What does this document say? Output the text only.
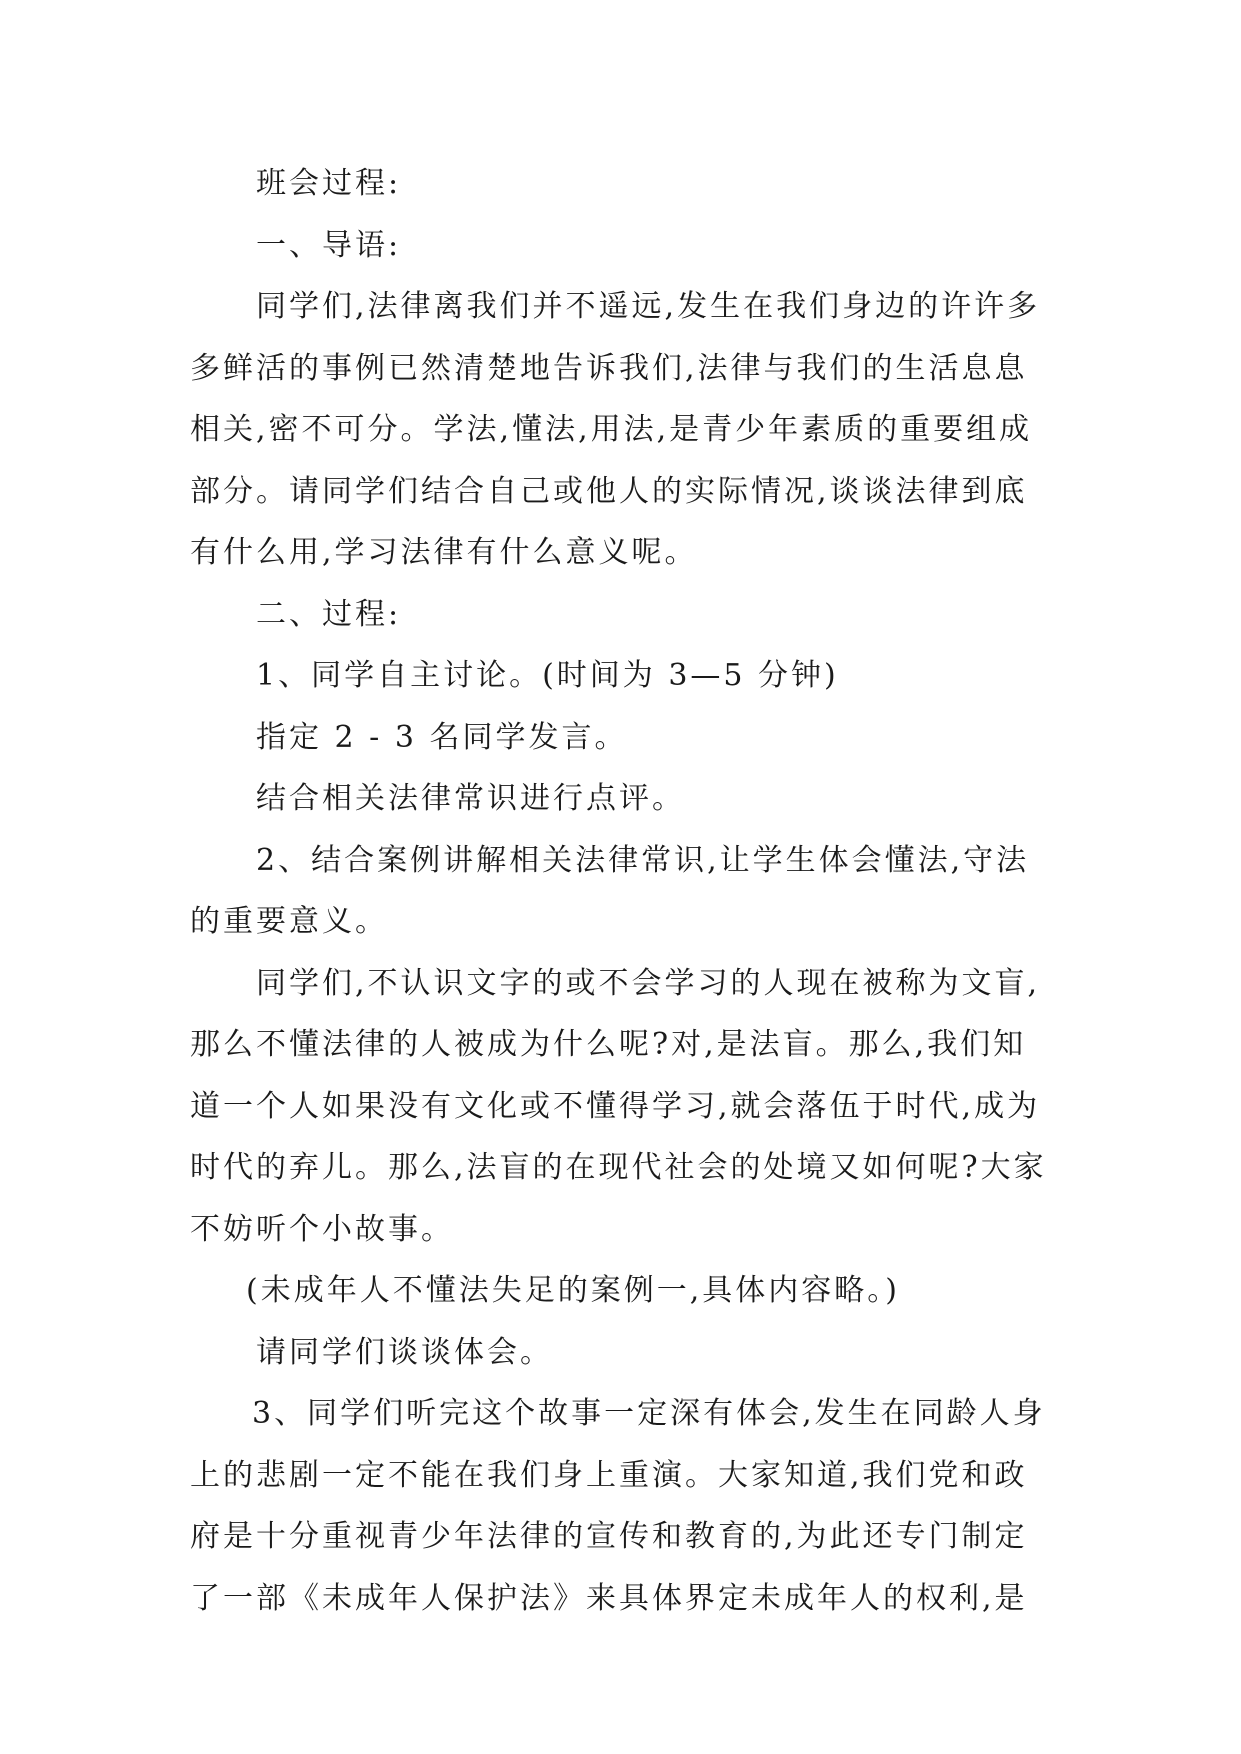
班会过程:

一、导语:

同学们,法律离我们并不遥远,发生在我们身边的许许多多鲜活的事例已然清楚地告诉我们,法律与我们的生活息息相关,密不可分。学法,懂法,用法,是青少年素质的重要组成部分。请同学们结合自己或他人的实际情况,谈谈法律到底有什么用,学习法律有什么意义呢。

二、过程:

1、同学自主讨论。(时间为 3—5 分钟)

指定 2 - 3 名同学发言。

结合相关法律常识进行点评。

2、结合案例讲解相关法律常识,让学生体会懂法,守法的重要意义。

同学们,不认识文字的或不会学习的人现在被称为文盲,那么不懂法律的人被成为什么呢?对,是法盲。那么,我们知道一个人如果没有文化或不懂得学习,就会落伍于时代,成为时代的弃儿。那么,法盲的在现代社会的处境又如何呢?大家不妨听个小故事。

(未成年人不懂法失足的案例一,具体内容略。)

请同学们谈谈体会。

3、同学们听完这个故事一定深有体会,发生在同龄人身上的悲剧一定不能在我们身上重演。大家知道,我们党和政府是十分重视青少年法律的宣传和教育的,为此还专门制定了一部《未成年人保护法》来具体界定未成年人的权利,是
